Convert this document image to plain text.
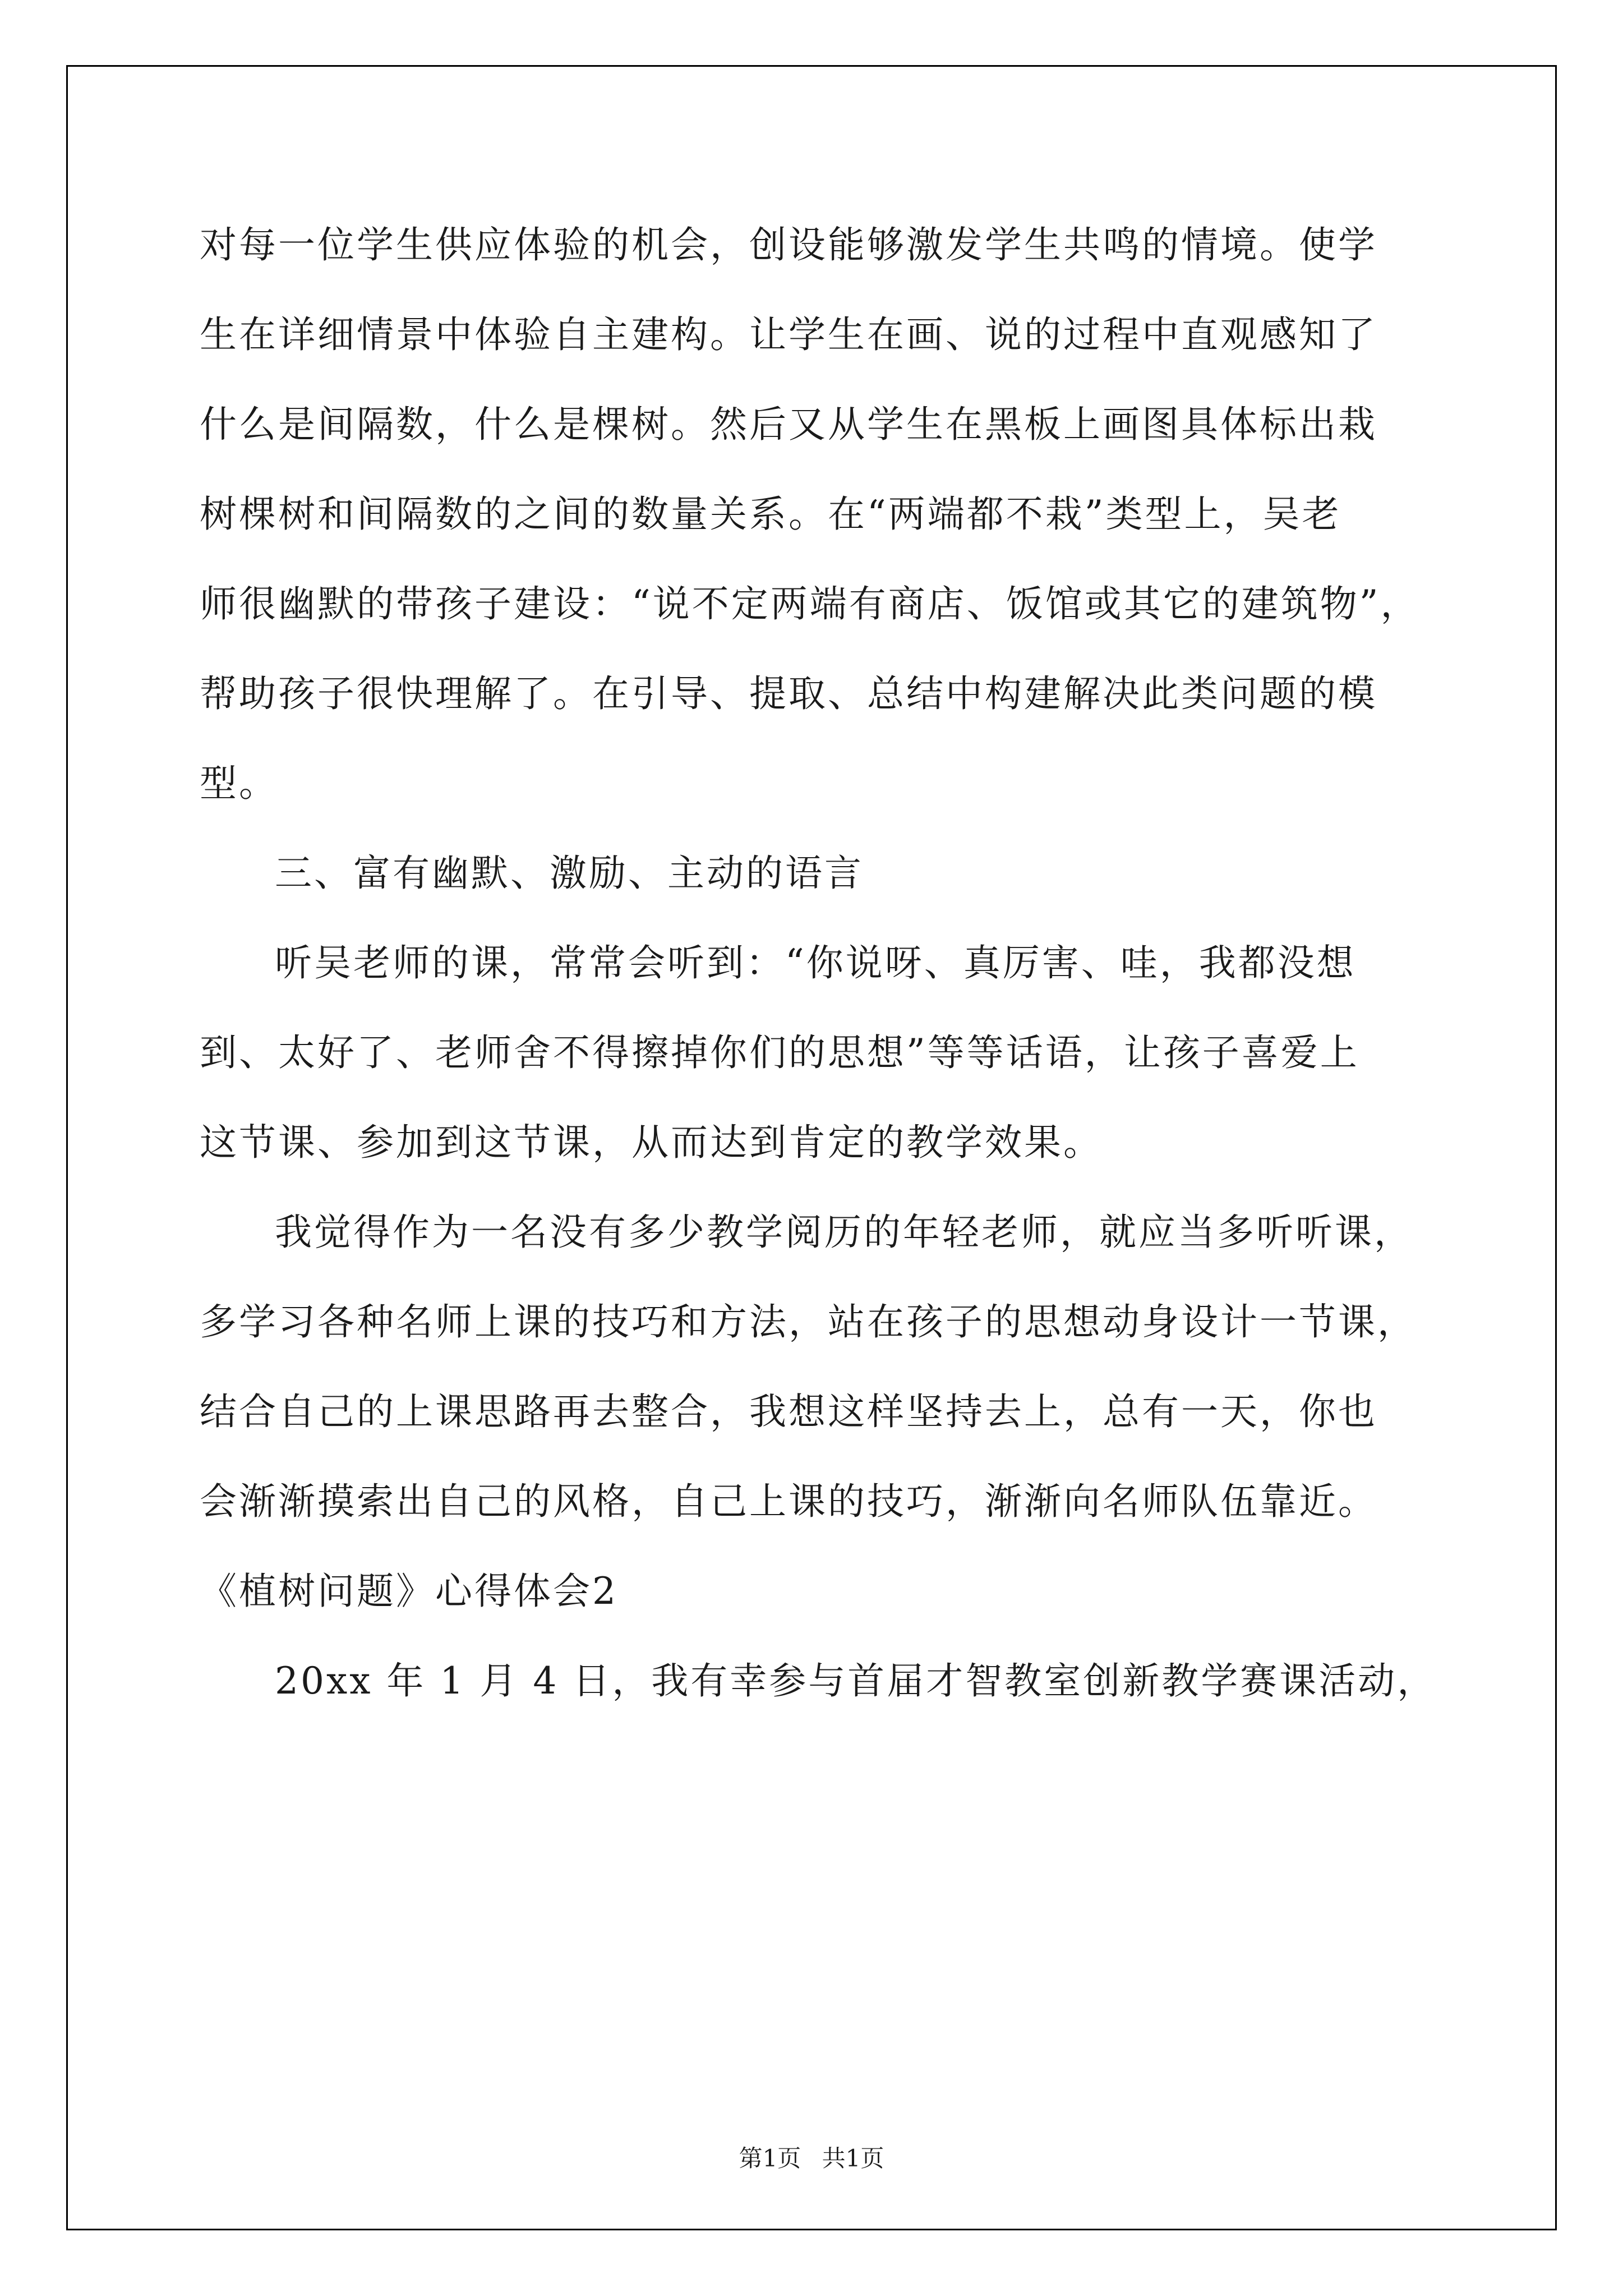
对每一位学生供应体验的机会，创设能够激发学生共鸣的情境。使学
生在详细情景中体验自主建构。让学生在画、说的过程中直观感知了
什么是间隔数，什么是棵树。然后又从学生在黑板上画图具体标出栽
树棵树和间隔数的之间的数量关系。在“两端都不栽”类型上，吴老
师很幽默的带孩子建设：“说不定两端有商店、饭馆或其它的建筑物”，
帮助孩子很快理解了。在引导、提取、总结中构建解决此类问题的模
型。
三、富有幽默、激励、主动的语言
听吴老师的课，常常会听到：“你说呀、真厉害、哇，我都没想
到、太好了、老师舍不得擦掉你们的思想”等等话语，让孩子喜爱上
这节课、参加到这节课，从而达到肯定的教学效果。
我觉得作为一名没有多少教学阅历的年轻老师，就应当多听听课，
多学习各种名师上课的技巧和方法，站在孩子的思想动身设计一节课，
结合自己的上课思路再去整合，我想这样坚持去上，总有一天，你也
会渐渐摸索出自己的风格，自己上课的技巧，渐渐向名师队伍靠近。
《植树问题》心得体会2
20xx 年 1 月 4 日，我有幸参与首届才智教室创新教学赛课活动，
第1页 共1页
